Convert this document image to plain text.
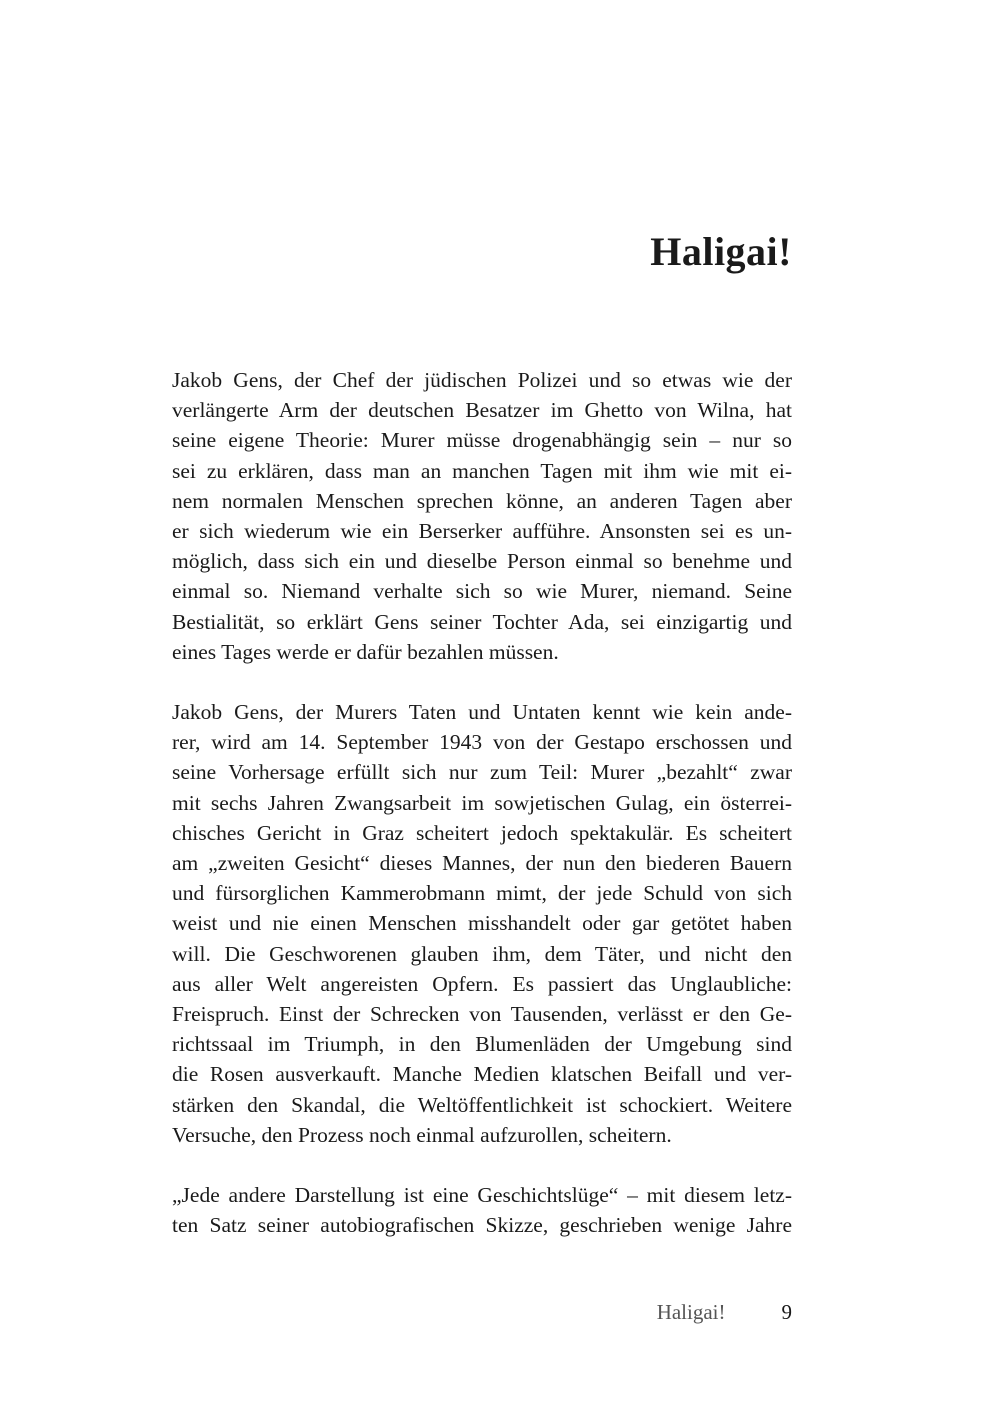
Haligai!

Jakob Gens, der Chef der jüdischen Polizei und so etwas wie der
verlängerte Arm der deutschen Besatzer im Ghetto von Wilna, hat
seine eigene Theorie: Murer müsse drogenabhängig sein – nur so
sei zu erklären, dass man an manchen Tagen mit ihm wie mit ei-
nem normalen Menschen sprechen könne, an anderen Tagen aber
er sich wiederum wie ein Berserker aufführe. Ansonsten sei es un-
möglich, dass sich ein und dieselbe Person einmal so benehme und
einmal so. Niemand verhalte sich so wie Murer, niemand. Seine
Bestialität, so erklärt Gens seiner Tochter Ada, sei einzigartig und
eines Tages werde er dafür bezahlen müssen.

Jakob Gens, der Murers Taten und Untaten kennt wie kein ande-
rer, wird am 14. September 1943 von der Gestapo erschossen und
seine Vorhersage erfüllt sich nur zum Teil: Murer „bezahlt“ zwar
mit sechs Jahren Zwangsarbeit im sowjetischen Gulag, ein österrei-
chisches Gericht in Graz scheitert jedoch spektakulär. Es scheitert
am „zweiten Gesicht“ dieses Mannes, der nun den biederen Bauern
und fürsorglichen Kammerobmann mimt, der jede Schuld von sich
weist und nie einen Menschen misshandelt oder gar getötet haben
will. Die Geschworenen glauben ihm, dem Täter, und nicht den
aus aller Welt angereisten Opfern. Es passiert das Unglaubliche:
Freispruch. Einst der Schrecken von Tausenden, verlässt er den Ge-
richtssaal im Triumph, in den Blumenläden der Umgebung sind
die Rosen ausverkauft. Manche Medien klatschen Beifall und ver-
stärken den Skandal, die Weltöffentlichkeit ist schockiert. Weitere
Versuche, den Prozess noch einmal aufzurollen, scheitern.

„Jede andere Darstellung ist eine Geschichtslüge“ – mit diesem letz-
ten Satz seiner autobiografischen Skizze, geschrieben wenige Jahre

Haligai!	9
